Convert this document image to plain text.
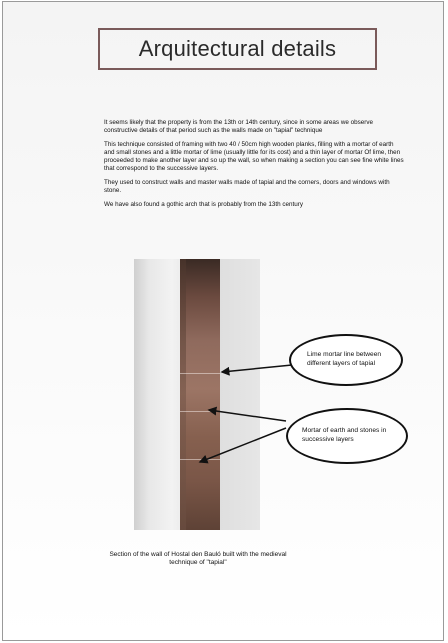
Arquitectural details

It seems likely that the property is from the 13th or 14th century, since in some areas we observe constructive details of that period such as the walls made on "tapial" technique

This technique consisted of framing with two 40 / 50cm high wooden planks, filling with a mortar of earth and small stones and a little mortar of lime (usually little for its cost) and a thin layer of mortar Of lime, then proceeded to make another layer and so up the wall, so when making a section you can see fine white lines that correspond to the successive layers.

They used to construct walls and master walls made of tapial and the corners, doors and windows with stone.

We have also found a gothic arch that is probably from the 13th century

Lime mortar line between different layers of tapial
Mortar of earth and stones in successive layers
Section of the wall of Hostal den Bauló built with the medieval technique of "tapial"
